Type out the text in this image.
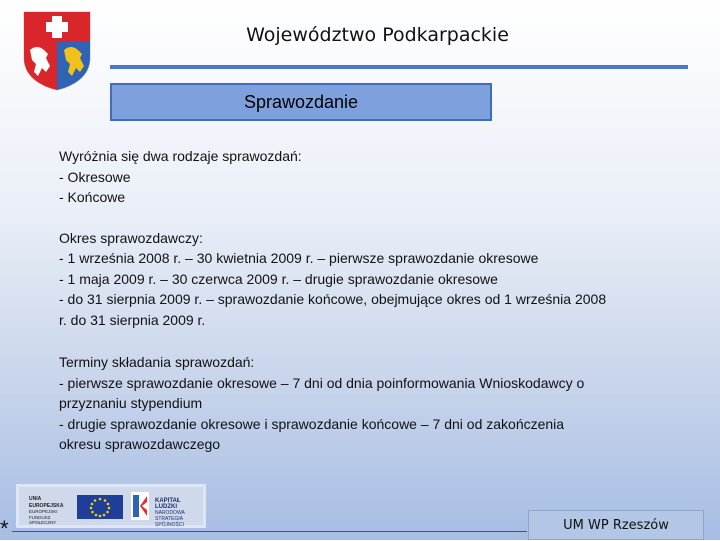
Województwo Podkarpackie
Sprawozdanie
Wyróżnia się dwa rodzaje sprawozdań:
- Okresowe
- Końcowe
Okres sprawozdawczy:
- 1 września 2008 r. – 30 kwietnia 2009 r. – pierwsze sprawozdanie okresowe
- 1 maja 2009 r. – 30 czerwca 2009 r. – drugie sprawozdanie okresowe
- do 31 sierpnia 2009 r. – sprawozdanie końcowe, obejmujące okres od 1 września 2008
r. do 31 sierpnia 2009 r.
Terminy składania sprawozdań:
- pierwsze sprawozdanie okresowe – 7 dni od dnia poinformowania Wnioskodawcy o
przyznaniu stypendium
- drugie sprawozdanie okresowe i sprawozdanie końcowe – 7 dni od zakończenia
okresu sprawozdawczego
UNIA EUROPEJSKA
EUROPEJSKI
FUNDUSZ SPOŁECZNY
KAPITAŁ LUDZKI
NARODOWA STRATEGIA SPÓJNOŚCI
*	UM WP Rzeszów
